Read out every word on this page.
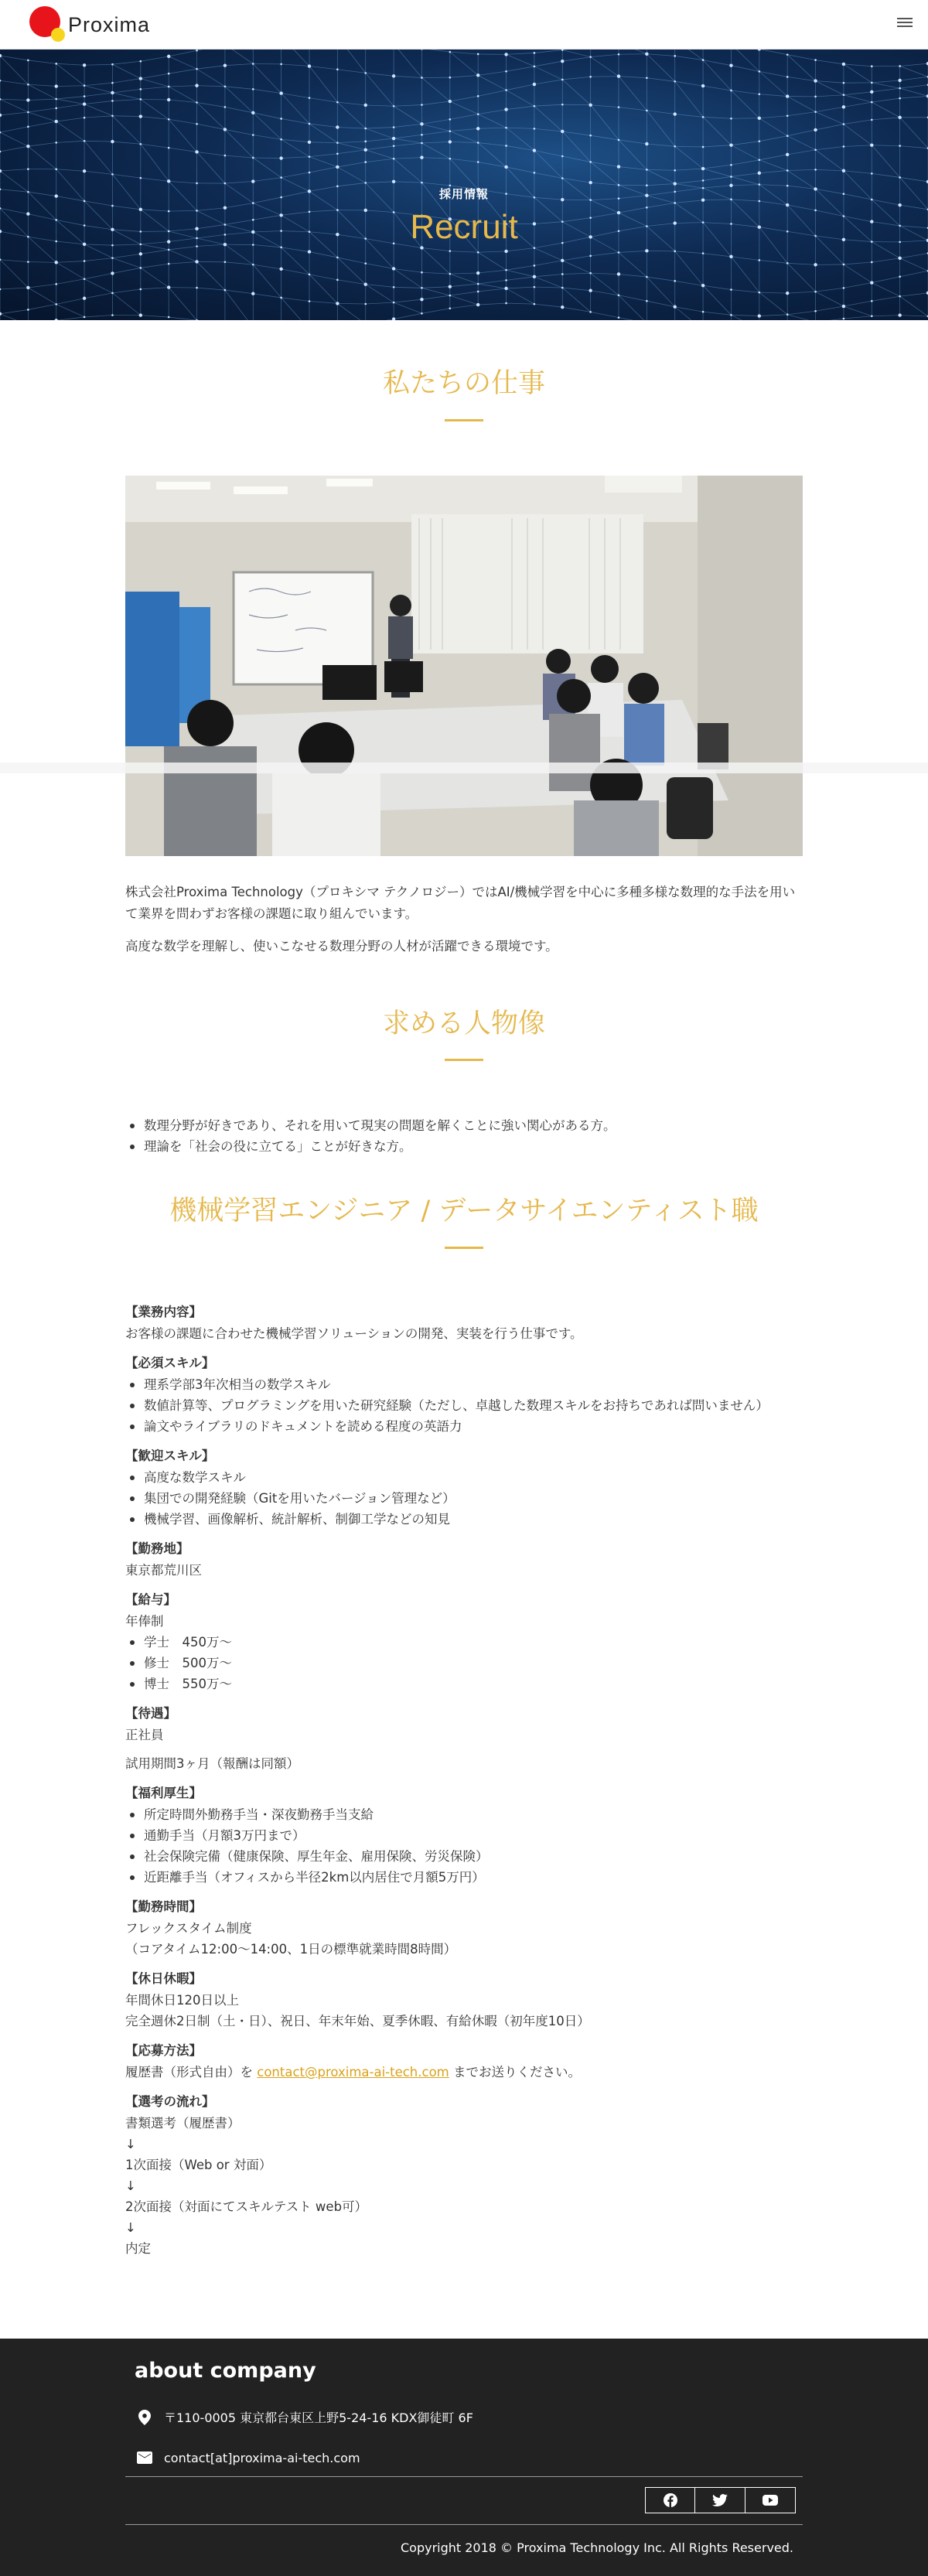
Proxima
採用情報
Recruit
私たちの仕事

株式会社Proxima Technology（プロキシマ テクノロジー）ではAI/機械学習を中心に多種多様な数理的な手法を用いて業界を問わずお客様の課題に取り組んでいます。

高度な数学を理解し、使いこなせる数理分野の人材が活躍できる環境です。

求める人物像
数理分野が好きであり、それを用いて現実の問題を解くことに強い関心がある方。
理論を「社会の役に立てる」ことが好きな方。
機械学習エンジニア / データサイエンティスト職
【業務内容】

お客様の課題に合わせた機械学習ソリューションの開発、実装を行う仕事です。

【必須スキル】
理系学部3年次相当の数学スキル
数値計算等、プログラミングを用いた研究経験（ただし、卓越した数理スキルをお持ちであれば問いません）
論文やライブラリのドキュメントを読める程度の英語力
【歓迎スキル】
高度な数学スキル
集団での開発経験（Gitを用いたバージョン管理など）
機械学習、画像解析、統計解析、制御工学などの知見
【勤務地】

東京都荒川区

【給与】

年俸制

学士　450万～
修士　500万～
博士　550万～
【待遇】

正社員

試用期間3ヶ月（報酬は同額）

【福利厚生】
所定時間外勤務手当・深夜勤務手当支給
通勤手当（月額3万円まで）
社会保険完備（健康保険、厚生年金、雇用保険、労災保険）
近距離手当（オフィスから半径2km以内居住で月額5万円）
【勤務時間】

フレックスタイム制度

（コアタイム12:00〜14:00、1日の標準就業時間8時間）

【休日休暇】

年間休日120日以上

完全週休2日制（土・日）、祝日、年末年始、夏季休暇、有給休暇（初年度10日）

【応募方法】

履歴書（形式自由）を contact@proxima-ai-tech.com までお送りください。

【選考の流れ】

書類選考（履歴書）

↓

1次面接（Web or 対面）

↓

2次面接（対面にてスキルテスト web可）

↓

内定

about company
〒110-0005 東京都台東区上野5-24-16 KDX御徒町 6F
contact[at]proxima-ai-tech.com
Copyright 2018 © Proxima Technology Inc. All Rights Reserved.
